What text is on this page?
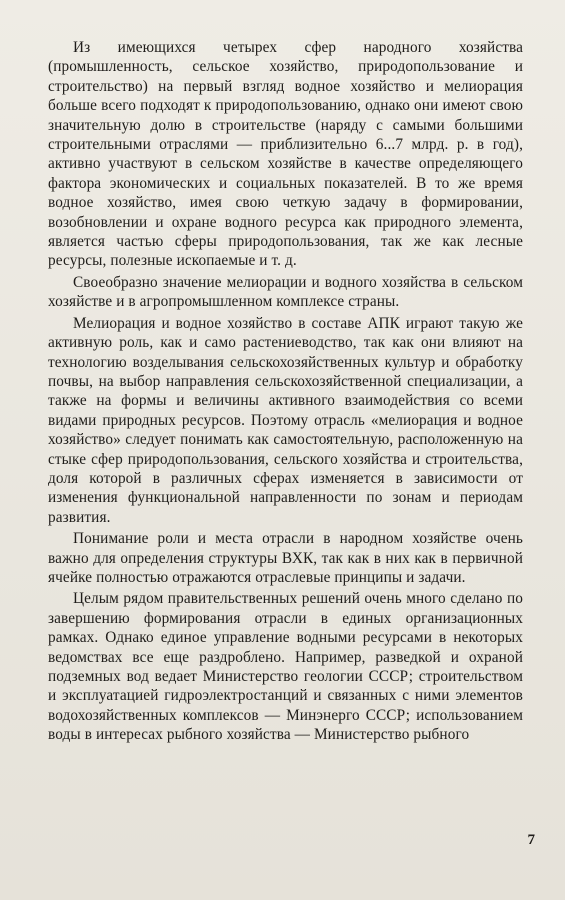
Из имеющихся четырех сфер народного хозяйства (промышленность, сельское хозяйство, природопользование и строительство) на первый взгляд водное хозяйство и мелиорация больше всего подходят к природопользованию, однако они имеют свою значительную долю в строительстве (наряду с самыми большими строительными отраслями — приблизительно 6...7 млрд. р. в год), активно участвуют в сельском хозяйстве в качестве определяющего фактора экономических и социальных показателей. В то же время водное хозяйство, имея свою четкую задачу в формировании, возобновлении и охране водного ресурса как природного элемента, является частью сферы природопользования, так же как лесные ресурсы, полезные ископаемые и т. д.

Своеобразно значение мелиорации и водного хозяйства в сельском хозяйстве и в агропромышленном комплексе страны.

Мелиорация и водное хозяйство в составе АПК играют такую же активную роль, как и само растениеводство, так как они влияют на технологию возделывания сельскохозяйственных культур и обработку почвы, на выбор направления сельскохозяйственной специализации, а также на формы и величины активного взаимодействия со всеми видами природных ресурсов. Поэтому отрасль «мелиорация и водное хозяйство» следует понимать как самостоятельную, расположенную на стыке сфер природопользования, сельского хозяйства и строительства, доля которой в различных сферах изменяется в зависимости от изменения функциональной направленности по зонам и периодам развития.

Понимание роли и места отрасли в народном хозяйстве очень важно для определения структуры ВХК, так как в них как в первичной ячейке полностью отражаются отраслевые принципы и задачи.

Целым рядом правительственных решений очень много сделано по завершению формирования отрасли в единых организационных рамках. Однако единое управление водными ресурсами в некоторых ведомствах все еще раздроблено. Например, разведкой и охраной подземных вод ведает Министерство геологии СССР; строительством и эксплуатацией гидроэлектростанций и связанных с ними элементов водохозяйственных комплексов — Минэнерго СССР; использованием воды в интересах рыбного хозяйства — Министерство рыбного

7
